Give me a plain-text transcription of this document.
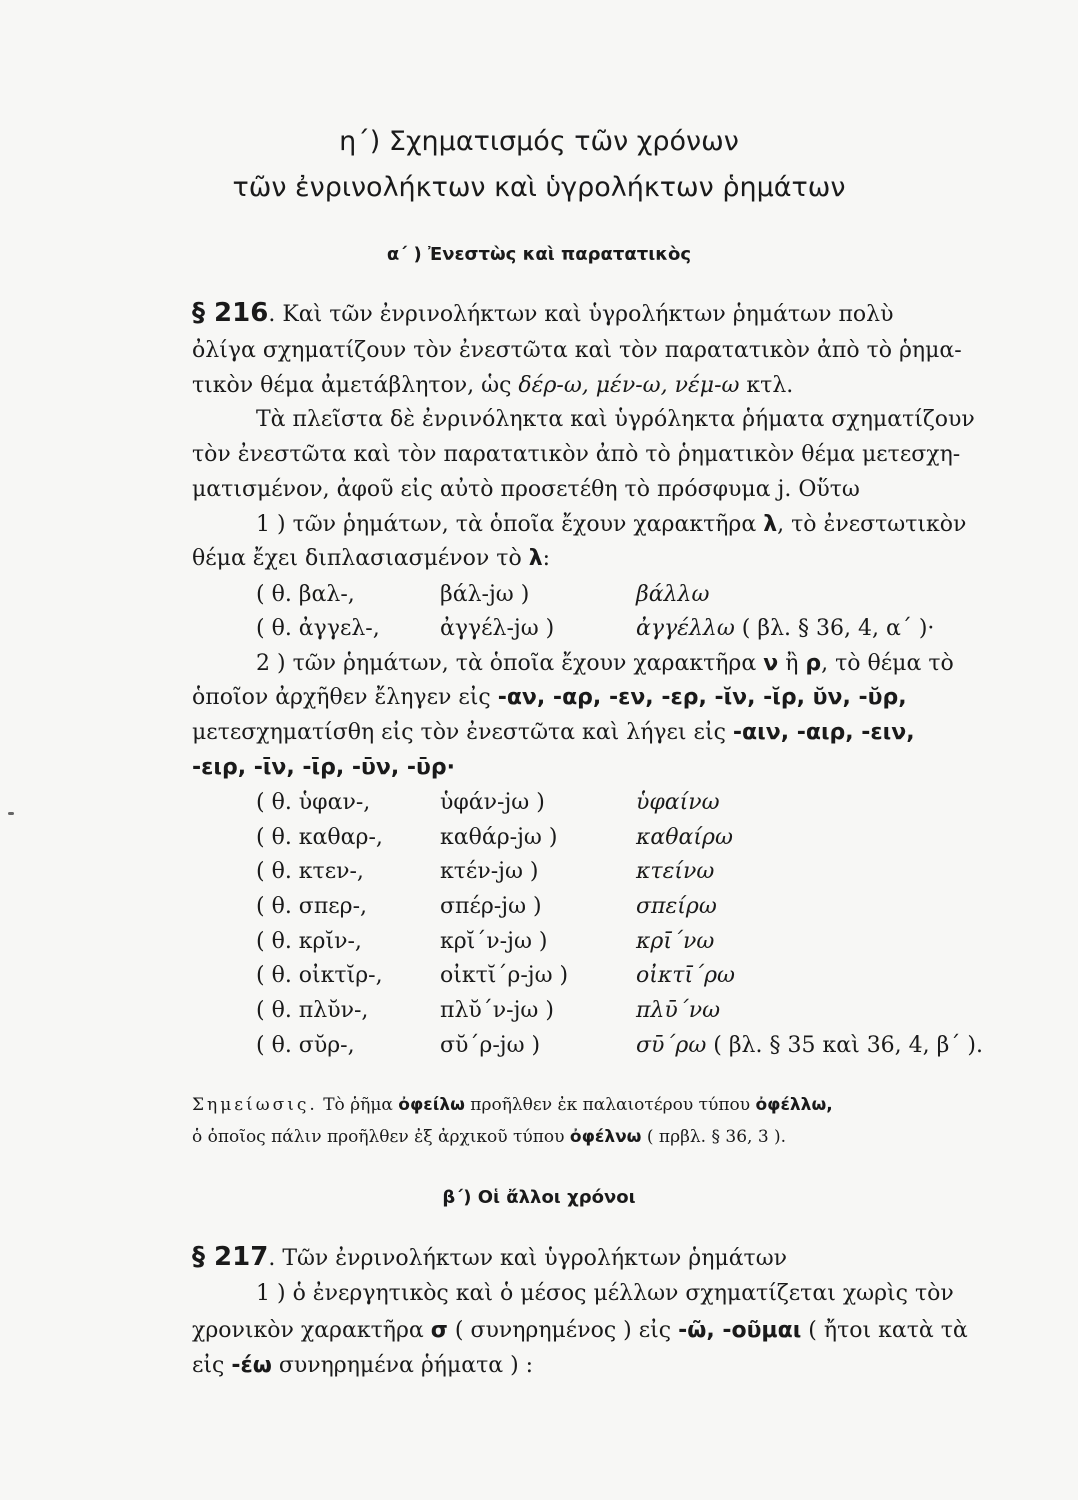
η΄) Σχηματισμός τῶν χρόνων
τῶν ἐνρινολήκτων καὶ ὑγρολήκτων ῥημάτων
α΄ ) Ἐνεστὼς καὶ παρατατικὸς
§ 216. Καὶ τῶν ἐνρινολήκτων καὶ ὑγρολήκτων ῥημάτων πολὺ
ὀλίγα σχηματίζουν τὸν ἐνεστῶτα καὶ τὸν παρατατικὸν ἀπὸ τὸ ῥημα-
τικὸν θέμα ἀμετάβλητον, ὡς δέρ-ω, μέν-ω, νέμ-ω κτλ.
Τὰ πλεῖστα δὲ ἐνρινόληκτα καὶ ὑγρόληκτα ῥήματα σχηματίζουν
τὸν ἐνεστῶτα καὶ τὸν παρατατικὸν ἀπὸ τὸ ῥηματικὸν θέμα μετεσχη-
ματισμένον, ἀφοῦ εἰς αὐτὸ προσετέθη τὸ πρόσφυμα j. Οὕτω
1 ) τῶν ῥημάτων, τὰ ὁποῖα ἔχουν χαρακτῆρα λ, τὸ ἐνεστωτικὸν
θέμα ἔχει διπλασιασμένον τὸ λ:
( θ. βαλ-,	βάλ-jω )	βάλλω
( θ. ἀγγελ-,	ἀγγέλ-jω )	ἀγγέλλω ( βλ. § 36, 4, α΄ )·
2 ) τῶν ῥημάτων, τὰ ὁποῖα ἔχουν χαρακτῆρα ν ἢ ρ, τὸ θέμα τὸ
ὁποῖον ἀρχῆθεν ἔληγεν εἰς -αν, -αρ, -εν, -ερ, -ῐν, -ῐρ, ῠν, -ῠρ,
μετεσχηματίσθη εἰς τὸν ἐνεστῶτα καὶ λήγει εἰς -αιν, -αιρ, -ειν,
-ειρ, -ῑν, -ῑρ, -ῡν, -ῡρ·
( θ. ὑφαν-,	ὑφάν-jω )	ὑφαίνω
( θ. καθαρ-,	καθάρ-jω )	καθαίρω
( θ. κτεν-,	κτέν-jω )	κτείνω
( θ. σπερ-,	σπέρ-jω )	σπείρω
( θ. κρῐν-,	κρῐ΄ν-jω )	κρῑ΄νω
( θ. οἰκτῐρ-,	οἰκτῐ΄ρ-jω )	οἰκτῑ΄ρω
( θ. πλῠν-,	πλῠ΄ν-jω )	πλῡ΄νω
( θ. σῠρ-,	σῠ΄ρ-jω )	σῡ΄ρω ( βλ. § 35 καὶ 36, 4, β΄ ).
Σημείωσις. Τὸ ῥῆμα ὀφείλω προῆλθεν ἐκ παλαιοτέρου τύπου ὀφέλλω,
ὁ ὁποῖος πάλιν προῆλθεν ἐξ ἀρχικοῦ τύπου ὀφέλνω ( πρβλ. § 36, 3 ).
β΄) Οἱ ἄλλοι χρόνοι
§ 217. Τῶν ἐνρινολήκτων καὶ ὑγρολήκτων ῥημάτων
1 ) ὁ ἐνεργητικὸς καὶ ὁ μέσος μέλλων σχηματίζεται χωρὶς τὸν
χρονικὸν χαρακτῆρα σ ( συνηρημένος ) εἰς -ῶ, -οῦμαι ( ἤτοι κατὰ τὰ
εἰς -έω συνηρημένα ῥήματα ) :
